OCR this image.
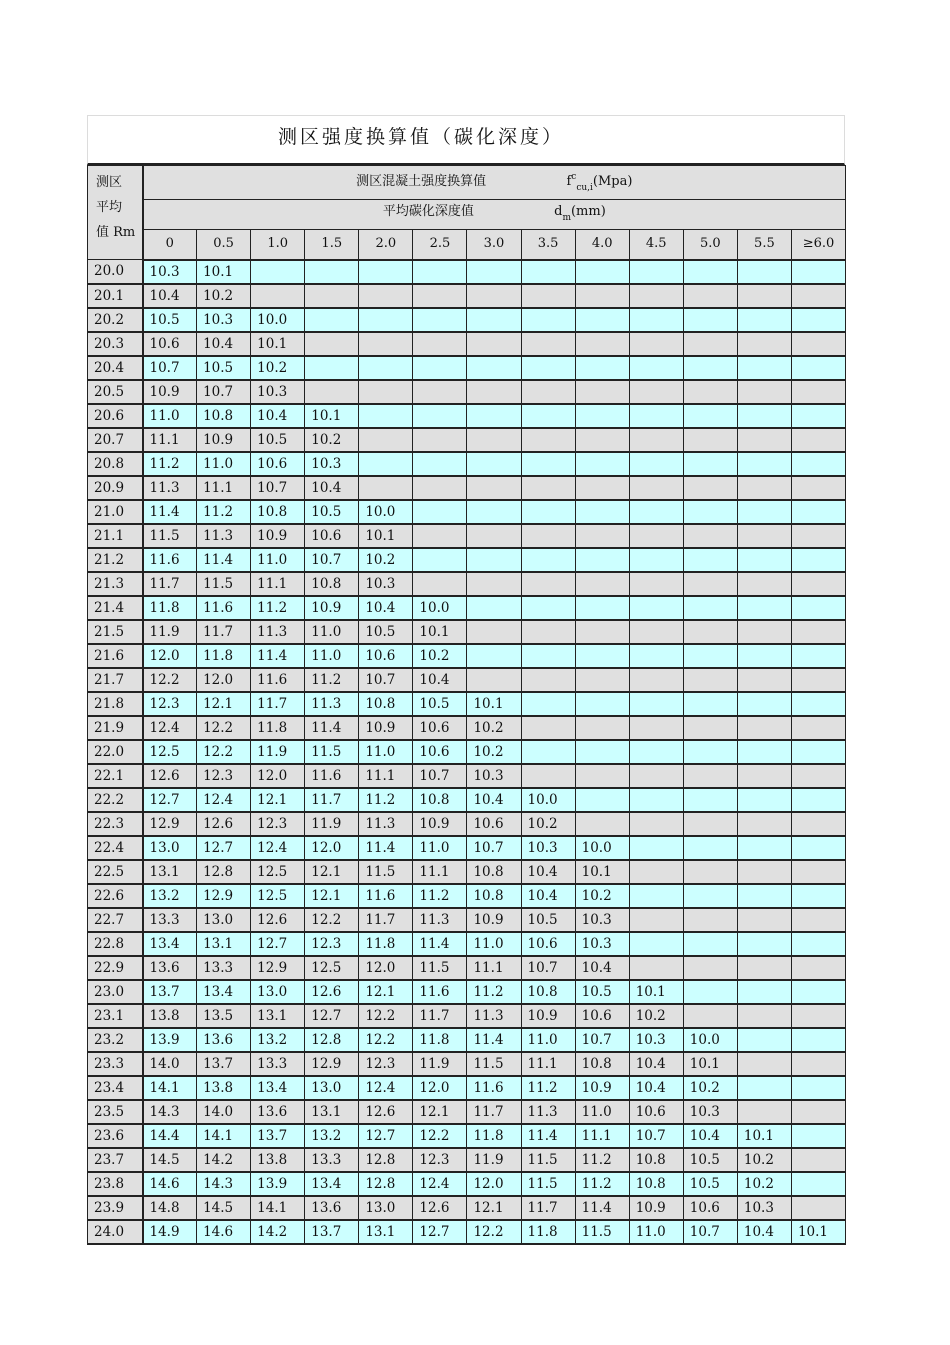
测区强度换算值（碳化深度）
测区
平均
值 Rm	测区混凝土强度换算值 $f^c_{cu,i}(Mpa)$												
	平均碳化深度值 $d_m(mm)$												
	0	0.5	1.0	1.5	2.0	2.5	3.0	3.5	4.0	4.5	5.0	5.5	≥6.0
20.0	10.3	10.1											
20.1	10.4	10.2											
20.2	10.5	10.3	10.0										
20.3	10.6	10.4	10.1										
20.4	10.7	10.5	10.2										
20.5	10.9	10.7	10.3										
20.6	11.0	10.8	10.4	10.1									
20.7	11.1	10.9	10.5	10.2									
20.8	11.2	11.0	10.6	10.3									
20.9	11.3	11.1	10.7	10.4									
21.0	11.4	11.2	10.8	10.5	10.0								
21.1	11.5	11.3	10.9	10.6	10.1								
21.2	11.6	11.4	11.0	10.7	10.2								
21.3	11.7	11.5	11.1	10.8	10.3								
21.4	11.8	11.6	11.2	10.9	10.4	10.0							
21.5	11.9	11.7	11.3	11.0	10.5	10.1							
21.6	12.0	11.8	11.4	11.0	10.6	10.2							
21.7	12.2	12.0	11.6	11.2	10.7	10.4							
21.8	12.3	12.1	11.7	11.3	10.8	10.5	10.1						
21.9	12.4	12.2	11.8	11.4	10.9	10.6	10.2						
22.0	12.5	12.2	11.9	11.5	11.0	10.6	10.2						
22.1	12.6	12.3	12.0	11.6	11.1	10.7	10.3						
22.2	12.7	12.4	12.1	11.7	11.2	10.8	10.4	10.0					
22.3	12.9	12.6	12.3	11.9	11.3	10.9	10.6	10.2					
22.4	13.0	12.7	12.4	12.0	11.4	11.0	10.7	10.3	10.0				
22.5	13.1	12.8	12.5	12.1	11.5	11.1	10.8	10.4	10.1				
22.6	13.2	12.9	12.5	12.1	11.6	11.2	10.8	10.4	10.2				
22.7	13.3	13.0	12.6	12.2	11.7	11.3	10.9	10.5	10.3				
22.8	13.4	13.1	12.7	12.3	11.8	11.4	11.0	10.6	10.3				
22.9	13.6	13.3	12.9	12.5	12.0	11.5	11.1	10.7	10.4				
23.0	13.7	13.4	13.0	12.6	12.1	11.6	11.2	10.8	10.5	10.1			
23.1	13.8	13.5	13.1	12.7	12.2	11.7	11.3	10.9	10.6	10.2			
23.2	13.9	13.6	13.2	12.8	12.2	11.8	11.4	11.0	10.7	10.3	10.0		
23.3	14.0	13.7	13.3	12.9	12.3	11.9	11.5	11.1	10.8	10.4	10.1		
23.4	14.1	13.8	13.4	13.0	12.4	12.0	11.6	11.2	10.9	10.4	10.2		
23.5	14.3	14.0	13.6	13.1	12.6	12.1	11.7	11.3	11.0	10.6	10.3		
23.6	14.4	14.1	13.7	13.2	12.7	12.2	11.8	11.4	11.1	10.7	10.4	10.1	
23.7	14.5	14.2	13.8	13.3	12.8	12.3	11.9	11.5	11.2	10.8	10.5	10.2	
23.8	14.6	14.3	13.9	13.4	12.8	12.4	12.0	11.5	11.2	10.8	10.5	10.2	
23.9	14.8	14.5	14.1	13.6	13.0	12.6	12.1	11.7	11.4	10.9	10.6	10.3	
24.0	14.9	14.6	14.2	13.7	13.1	12.7	12.2	11.8	11.5	11.0	10.7	10.4	10.1
